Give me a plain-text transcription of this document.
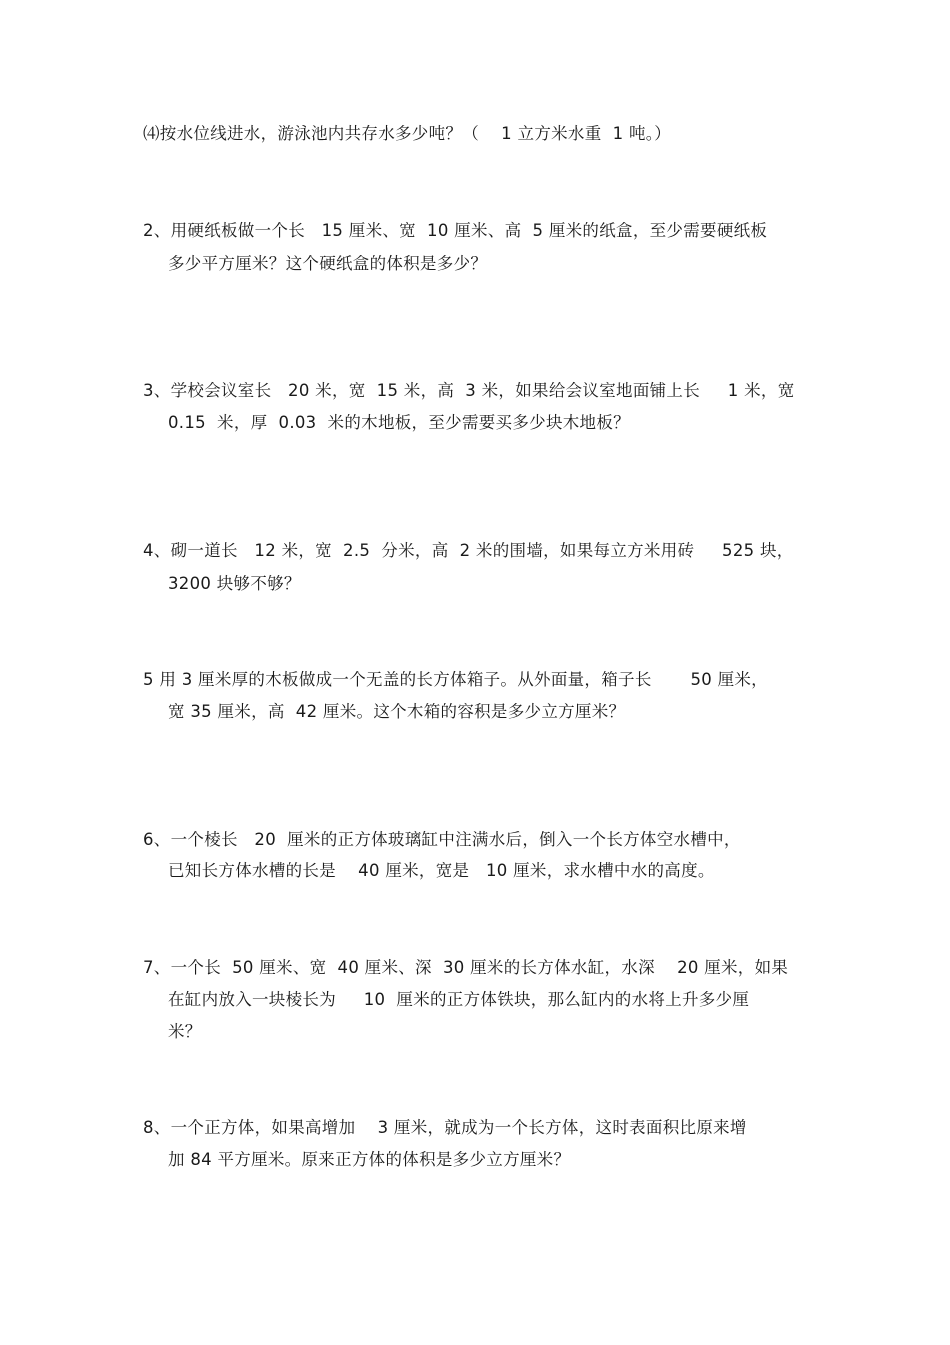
⑷按水位线进水，游泳池内共存水多少吨？（    1 立方米水重  1 吨。）
2、用硬纸板做一个长   15 厘米、宽  10 厘米、高  5 厘米的纸盒，至少需要硬纸板
多少平方厘米？这个硬纸盒的体积是多少？
3、学校会议室长   20 米，宽  15 米，高  3 米，如果给会议室地面铺上长     1 米，宽
0.15  米，厚  0.03  米的木地板，至少需要买多少块木地板？
4、砌一道长   12 米，宽  2.5  分米，高  2 米的围墙，如果每立方米用砖     525 块，
3200 块够不够？
5 用 3 厘米厚的木板做成一个无盖的长方体箱子。从外面量，箱子长       50 厘米，
宽 35 厘米，高  42 厘米。这个木箱的容积是多少立方厘米？
6、一个棱长   20  厘米的正方体玻璃缸中注满水后，倒入一个长方体空水槽中，
已知长方体水槽的长是    40 厘米，宽是   10 厘米，求水槽中水的高度。
7、一个长  50 厘米、宽  40 厘米、深  30 厘米的长方体水缸，水深    20 厘米，如果
在缸内放入一块棱长为     10  厘米的正方体铁块，那么缸内的水将上升多少厘
米？
8、一个正方体，如果高增加    3 厘米，就成为一个长方体，这时表面积比原来增
加 84 平方厘米。原来正方体的体积是多少立方厘米？
